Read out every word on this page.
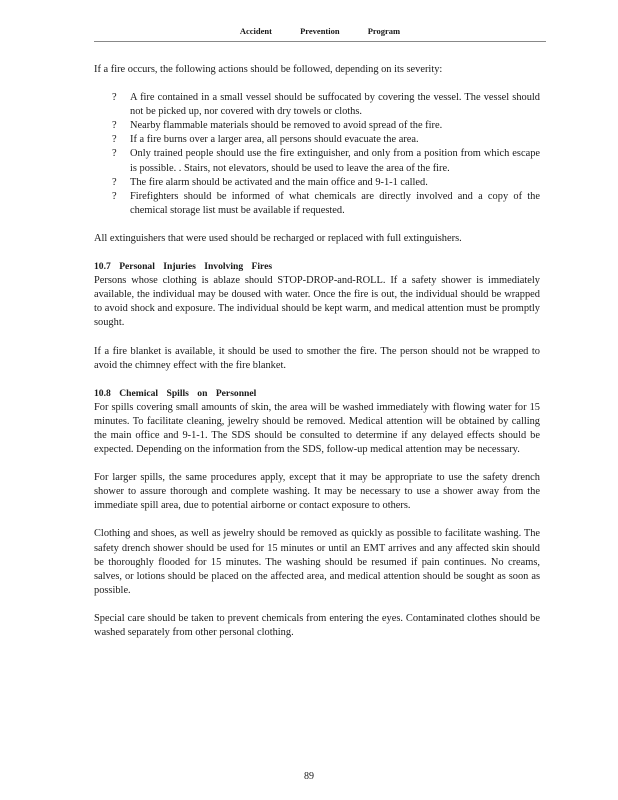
Accident Prevention Program

If a fire occurs, the following actions should be followed, depending on its severity:

? A fire contained in a small vessel should be suffocated by covering the vessel. The vessel should not be picked up, nor covered with dry towels or cloths.
? Nearby flammable materials should be removed to avoid spread of the fire.
? If a fire burns over a larger area, all persons should evacuate the area.
? Only trained people should use the fire extinguisher, and only from a position from which escape is possible. . Stairs, not elevators, should be used to leave the area of the fire.
? The fire alarm should be activated and the main office and 9-1-1 called.
? Firefighters should be informed of what chemicals are directly involved and a copy of the chemical storage list must be available if requested.

All extinguishers that were used should be recharged or replaced with full extinguishers.

10.7 Personal Injuries Involving Fires

Persons whose clothing is ablaze should STOP-DROP-and-ROLL. If a safety shower is immediately available, the individual may be doused with water. Once the fire is out, the individual should be wrapped to avoid shock and exposure. The individual should be kept warm, and medical attention must be promptly sought.

If a fire blanket is available, it should be used to smother the fire. The person should not be wrapped to avoid the chimney effect with the fire blanket.

10.8 Chemical Spills on Personnel

For spills covering small amounts of skin, the area will be washed immediately with flowing water for 15 minutes. To facilitate cleaning, jewelry should be removed. Medical attention will be obtained by calling the main office and 9-1-1. The SDS should be consulted to determine if any delayed effects should be expected. Depending on the information from the SDS, follow-up medical attention may be necessary.

For larger spills, the same procedures apply, except that it may be appropriate to use the safety drench shower to assure thorough and complete washing. It may be necessary to use a shower away from the immediate spill area, due to potential airborne or contact exposure to others.

Clothing and shoes, as well as jewelry should be removed as quickly as possible to facilitate washing. The safety drench shower should be used for 15 minutes or until an EMT arrives and any affected skin should be thoroughly flooded for 15 minutes. The washing should be resumed if pain continues. No creams, salves, or lotions should be placed on the affected area, and medical attention should be sought as soon as possible.

Special care should be taken to prevent chemicals from entering the eyes. Contaminated clothes should be washed separately from other personal clothing.

89
